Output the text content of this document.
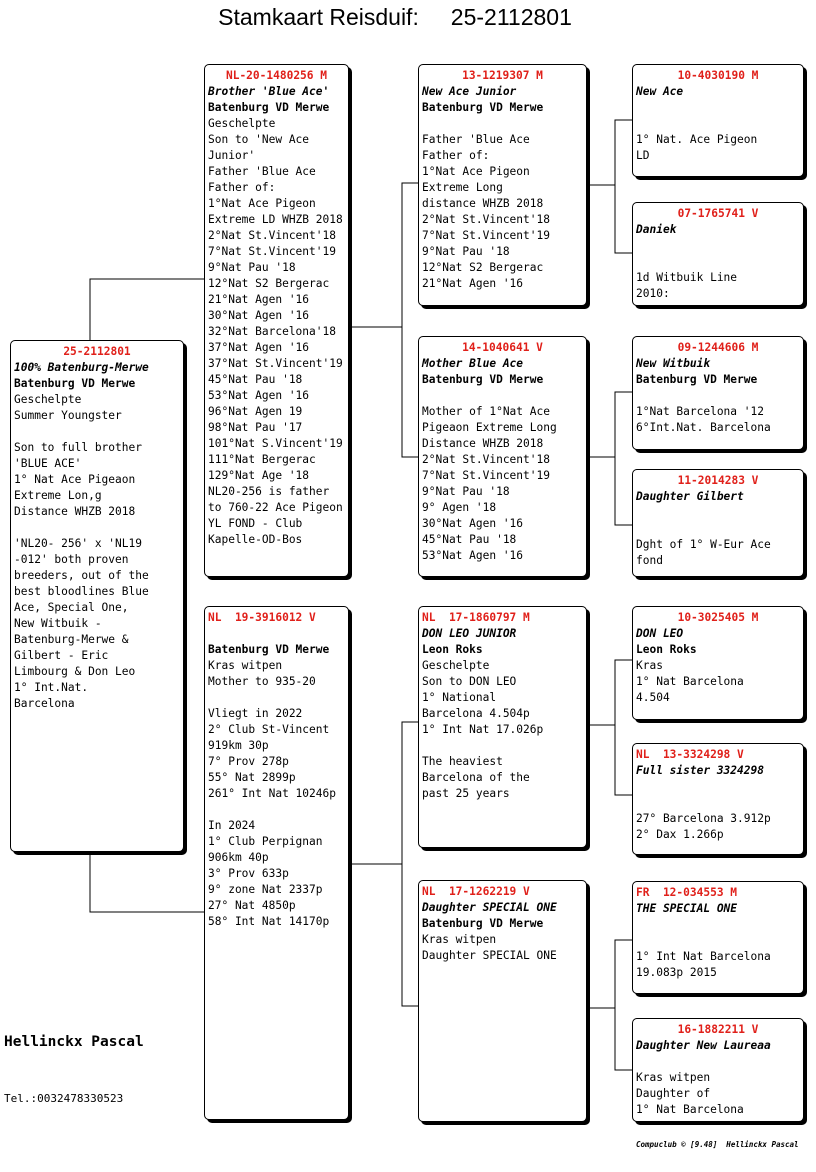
Stamkaart Reisduif:     25-2112801
25-2112801
100% Batenburg-Merwe
Batenburg VD Merwe
Geschelpte
Summer Youngster
Son to full brother
'BLUE ACE'
1° Nat Ace Pigeaon
Extreme Lon,g
Distance WHZB 2018
'NL20- 256' x 'NL19
-012' both proven
breeders, out of the
best bloodlines Blue
Ace, Special One,
New Witbuik -
Batenburg-Merwe &
Gilbert - Eric
Limbourg & Don Leo
1° Int.Nat.
Barcelona
NL-20-1480256 M
Brother 'Blue Ace'
Batenburg VD Merwe
Geschelpte
Son to 'New Ace
Junior'
Father 'Blue Ace
Father of:
1°Nat Ace Pigeon
Extreme LD WHZB 2018
2°Nat St.Vincent'18
7°Nat St.Vincent'19
9°Nat Pau '18
12°Nat S2 Bergerac
21°Nat Agen '16
30°Nat Agen '16
32°Nat Barcelona'18
37°Nat Agen '16
37°Nat St.Vincent'19
45°Nat Pau '18
53°Nat Agen '16
96°Nat Agen 19
98°Nat Pau '17
101°Nat S.Vincent'19
111°Nat Bergerac
129°Nat Age '18
NL20-256 is father
to 760-22 Ace Pigeon
YL FOND - Club
Kapelle-OD-Bos
NL  19-3916012 V
Batenburg VD Merwe
Kras witpen
Mother to 935-20
Vliegt in 2022
2° Club St-Vincent
919km 30p
7° Prov 278p
55° Nat 2899p
261° Int Nat 10246p
In 2024
1° Club Perpignan
906km 40p
3° Prov 633p
9° zone Nat 2337p
27° Nat 4850p
58° Int Nat 14170p
13-1219307 M
New Ace Junior
Batenburg VD Merwe
Father 'Blue Ace
Father of:
1°Nat Ace Pigeon
Extreme Long
distance WHZB 2018
2°Nat St.Vincent'18
7°Nat St.Vincent'19
9°Nat Pau '18
12°Nat S2 Bergerac
21°Nat Agen '16
14-1040641 V
Mother Blue Ace
Batenburg VD Merwe
Mother of 1°Nat Ace
Pigeaon Extreme Long
Distance WHZB 2018
2°Nat St.Vincent'18
7°Nat St.Vincent'19
9°Nat Pau '18
9° Agen '18
30°Nat Agen '16
45°Nat Pau '18
53°Nat Agen '16
NL  17-1860797 M
DON LEO JUNIOR
Leon Roks
Geschelpte
Son to DON LEO
1° National
Barcelona 4.504p
1° Int Nat 17.026p
The heaviest
Barcelona of the
past 25 years
NL  17-1262219 V
Daughter SPECIAL ONE
Batenburg VD Merwe
Kras witpen
Daughter SPECIAL ONE
10-4030190 M
New Ace
1° Nat. Ace Pigeon
LD
07-1765741 V
Daniek
1d Witbuik Line
2010:
09-1244606 M
New Witbuik
Batenburg VD Merwe
1°Nat Barcelona '12
6°Int.Nat. Barcelona
11-2014283 V
Daughter Gilbert
Dght of 1° W-Eur Ace
fond
10-3025405 M
DON LEO
Leon Roks
Kras
1° Nat Barcelona
4.504
NL  13-3324298 V
Full sister 3324298
27° Barcelona 3.912p
2° Dax 1.266p
FR  12-034553 M
THE SPECIAL ONE
1° Int Nat Barcelona
19.083p 2015
16-1882211 V
Daughter New Laureaa
Kras witpen
Daughter of
1° Nat Barcelona
Hellinckx Pascal
Tel.:0032478330523
Compuclub © [9.48]  Hellinckx Pascal
